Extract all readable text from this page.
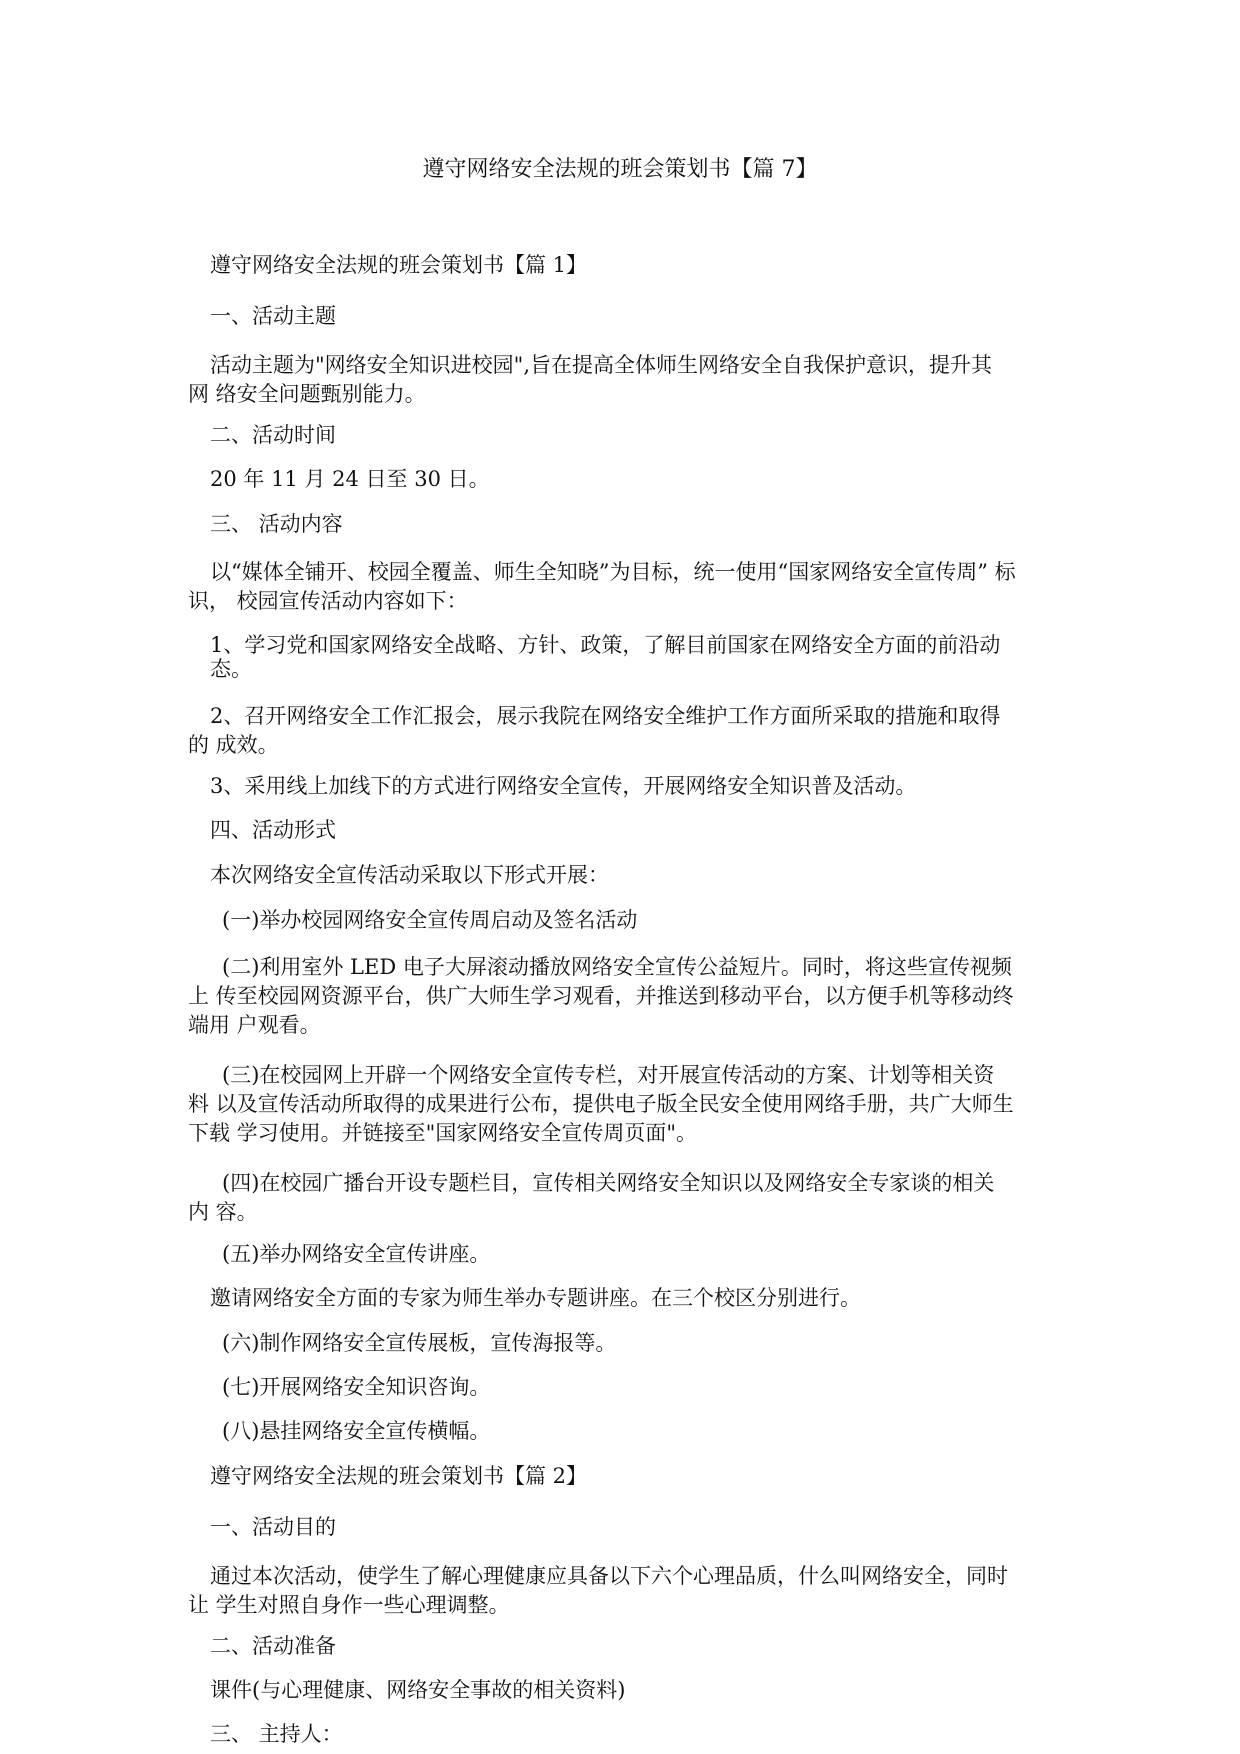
遵守网络安全法规的班会策划书【篇 7】
遵守网络安全法规的班会策划书【篇 1】
一、活动主题
活动主题为"网络安全知识进校园",旨在提高全体师生网络安全自我保护意识，提升其
网 络安全问题甄别能力。
二、活动时间
20 年 11 月 24 日至 30 日。
三、 活动内容
以“媒体全铺开、校园全覆盖、师生全知晓”为目标，统一使用“国家网络安全宣传周” 标
识， 校园宣传活动内容如下：
1、学习党和国家网络安全战略、方针、政策，了解目前国家在网络安全方面的前沿动
态。
2、召开网络安全工作汇报会，展示我院在网络安全维护工作方面所采取的措施和取得
的 成效。
3、采用线上加线下的方式进行网络安全宣传，开展网络安全知识普及活动。
四、活动形式
本次网络安全宣传活动采取以下形式开展：
(一)举办校园网络安全宣传周启动及签名活动
(二)利用室外 LED 电子大屏滚动播放网络安全宣传公益短片。同时，将这些宣传视频
上 传至校园网资源平台，供广大师生学习观看，并推送到移动平台，以方便手机等移动终
端用 户观看。
(三)在校园网上开辟一个网络安全宣传专栏，对开展宣传活动的方案、计划等相关资
料 以及宣传活动所取得的成果进行公布，提供电子版全民安全使用网络手册，共广大师生
下载 学习使用。并链接至"国家网络安全宣传周页面"。
(四)在校园广播台开设专题栏目，宣传相关网络安全知识以及网络安全专家谈的相关
内 容。
(五)举办网络安全宣传讲座。
邀请网络安全方面的专家为师生举办专题讲座。在三个校区分别进行。
(六)制作网络安全宣传展板，宣传海报等。
(七)开展网络安全知识咨询。
(八)悬挂网络安全宣传横幅。
遵守网络安全法规的班会策划书【篇 2】
一、活动目的
通过本次活动，使学生了解心理健康应具备以下六个心理品质，什么叫网络安全，同时
让 学生对照自身作一些心理调整。
二、活动准备
课件(与心理健康、网络安全事故的相关资料)
三、 主持人：
